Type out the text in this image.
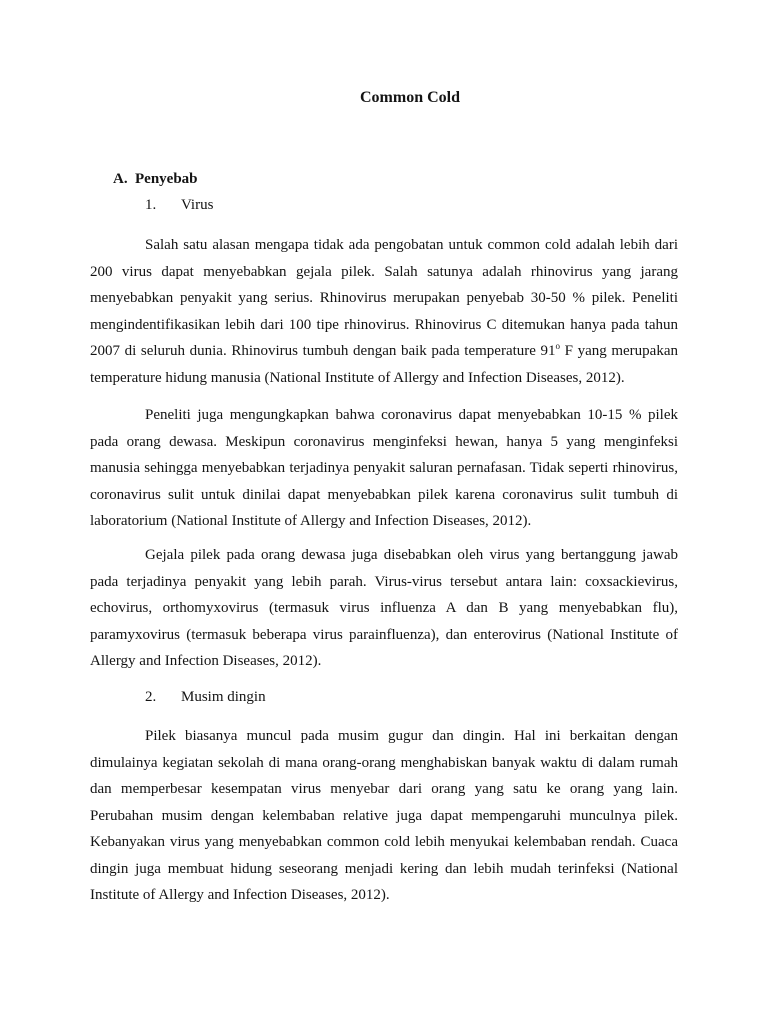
Common Cold
A. Penyebab
1. Virus

Salah satu alasan mengapa tidak ada pengobatan untuk common cold adalah lebih dari 200 virus dapat menyebabkan gejala pilek. Salah satunya adalah rhinovirus yang jarang menyebabkan penyakit yang serius. Rhinovirus merupakan penyebab 30-50 % pilek. Peneliti mengindentifikasikan lebih dari 100 tipe rhinovirus. Rhinovirus C ditemukan hanya pada tahun 2007 di seluruh dunia. Rhinovirus tumbuh dengan baik pada temperature 91$^o$ F yang merupakan temperature hidung manusia (National Institute of Allergy and Infection Diseases, 2012).

Peneliti juga mengungkapkan bahwa coronavirus dapat menyebabkan 10-15 % pilek pada orang dewasa. Meskipun coronavirus menginfeksi hewan, hanya 5 yang menginfeksi manusia sehingga menyebabkan terjadinya penyakit saluran pernafasan. Tidak seperti rhinovirus, coronavirus sulit untuk dinilai dapat menyebabkan pilek karena coronavirus sulit tumbuh di laboratorium (National Institute of Allergy and Infection Diseases, 2012).

Gejala pilek pada orang dewasa juga disebabkan oleh virus yang bertanggung jawab pada terjadinya penyakit yang lebih parah. Virus-virus tersebut antara lain: coxsackievirus, echovirus, orthomyxovirus (termasuk virus influenza A dan B yang menyebabkan flu), paramyxovirus (termasuk beberapa virus parainfluenza), dan enterovirus (National Institute of Allergy and Infection Diseases, 2012).

2. Musim dingin

Pilek biasanya muncul pada musim gugur dan dingin. Hal ini berkaitan dengan dimulainya kegiatan sekolah di mana orang-orang menghabiskan banyak waktu di dalam rumah dan memperbesar kesempatan virus menyebar dari orang yang satu ke orang yang lain. Perubahan musim dengan kelembaban relative juga dapat mempengaruhi munculnya pilek. Kebanyakan virus yang menyebabkan common cold lebih menyukai kelembaban rendah. Cuaca dingin juga membuat hidung seseorang menjadi kering dan lebih mudah terinfeksi (National Institute of Allergy and Infection Diseases, 2012).
